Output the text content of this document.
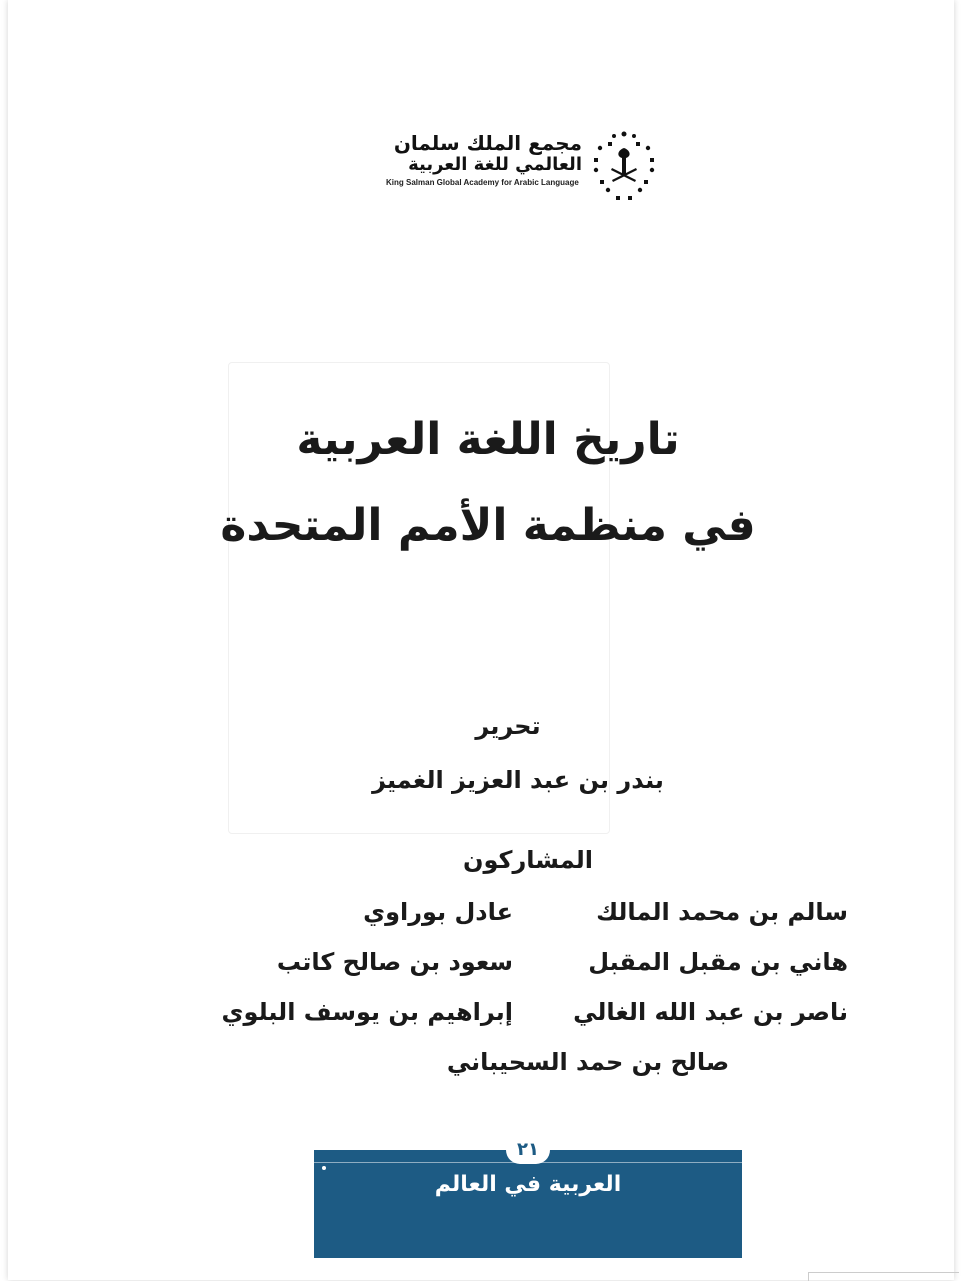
مجمع الملك سلمان
العالمي للغة العربية
King Salman Global Academy for Arabic Language
تاريخ اللغة العربية
في منظمة الأمم المتحدة
تحرير
بندر بن عبد العزيز الغميز
المشاركون
سالم بن محمد المالك
عادل بوراوي
هاني بن مقبل المقبل
سعود بن صالح كاتب
ناصر بن عبد الله الغالي
إبراهيم بن يوسف البلوي
صالح بن حمد السحيباني
٢١
العربية في العالم
